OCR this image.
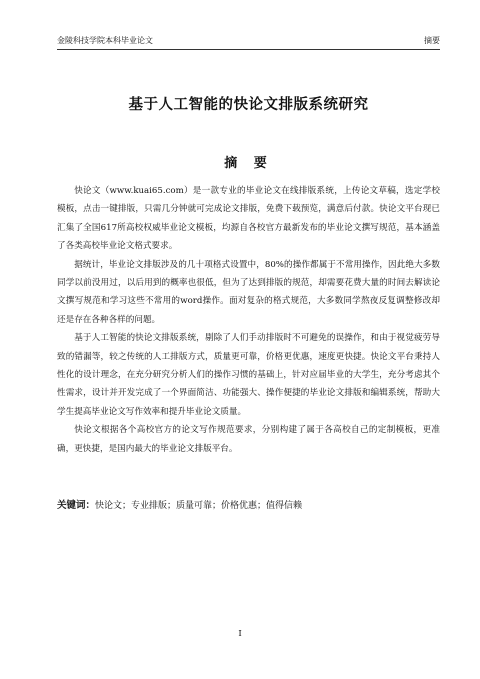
金陵科技学院本科毕业论文	摘要
基于人工智能的快论文排版系统研究
摘 要

快论文（www.kuai65.com）是一款专业的毕业论文在线排版系统，上传论文草稿，选定学校模板，点击一键排版，只需几分钟就可完成论文排版，免费下载预览，满意后付款。快论文平台现已汇集了全国617所高校权威毕业论文模板，均源自各校官方最新发布的毕业论文撰写规范，基本涵盖了各类高校毕业论文格式要求。

据统计，毕业论文排版涉及的几十项格式设置中，80%的操作都属于不常用操作，因此绝大多数同学以前没用过，以后用到的概率也很低，但为了达到排版的规范，却需要花费大量的时间去解读论文撰写规范和学习这些不常用的word操作。面对复杂的格式规范，大多数同学熬夜反复调整修改却还是存在各种各样的问题。

基于人工智能的快论文排版系统，剔除了人们手动排版时不可避免的误操作，和由于视觉疲劳导致的错漏等，较之传统的人工排版方式，质量更可靠，价格更优惠，速度更快捷。快论文平台秉持人性化的设计理念，在充分研究分析人们的操作习惯的基础上，针对应届毕业的大学生，充分考虑其个性需求，设计并开发完成了一个界面简洁、功能强大、操作便捷的毕业论文排版和编辑系统，帮助大学生提高毕业论文写作效率和提升毕业论文质量。

快论文根据各个高校官方的论文写作规范要求，分别构建了属于各高校自己的定制模板，更准确，更快捷，是国内最大的毕业论文排版平台。

关键词：快论文；专业排版；质量可靠；价格优惠；值得信赖
I
